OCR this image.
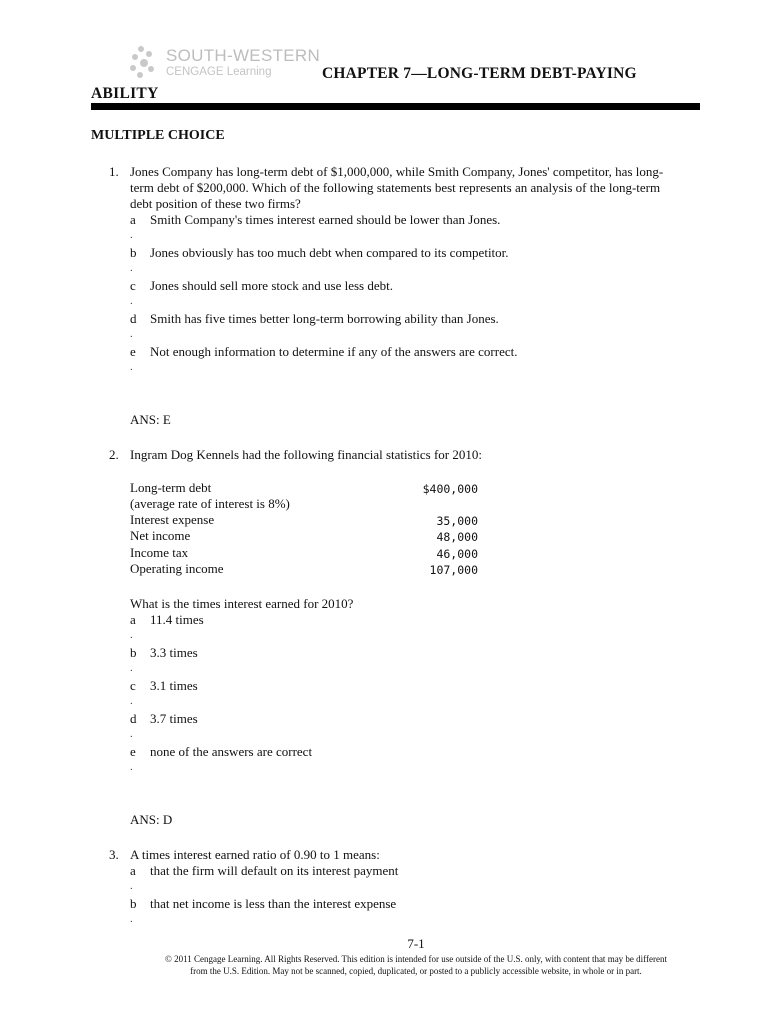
SOUTH-WESTERN
CENGAGE Learning	CHAPTER 7—LONG-TERM DEBT-PAYING
ABILITY
MULTIPLE CHOICE
1. Jones Company has long-term debt of $1,000,000, while Smith Company, Jones' competitor, has long-
term debt of $200,000. Which of the following statements best represents an analysis of the long-term
debt position of these two firms?
a Smith Company's times interest earned should be lower than Jones.
.
b Jones obviously has too much debt when compared to its competitor.
.
c Jones should sell more stock and use less debt.
.
d Smith has five times better long-term borrowing ability than Jones.
.
e Not enough information to determine if any of the answers are correct.
.
ANS: E
2. Ingram Dog Kennels had the following financial statistics for 2010:
Long-term debt	$400,000
(average rate of interest is 8%)
Interest expense	35,000
Net income	48,000
Income tax	46,000
Operating income	107,000
What is the times interest earned for 2010?
a 11.4 times
.
b 3.3 times
.
c 3.1 times
.
d 3.7 times
.
e none of the answers are correct
.
ANS: D
3. A times interest earned ratio of 0.90 to 1 means:
a that the firm will default on its interest payment
.
b that net income is less than the interest expense
.
7-1
© 2011 Cengage Learning. All Rights Reserved. This edition is intended for use outside of the U.S. only, with content that may be different
from the U.S. Edition. May not be scanned, copied, duplicated, or posted to a publicly accessible website, in whole or in part.
